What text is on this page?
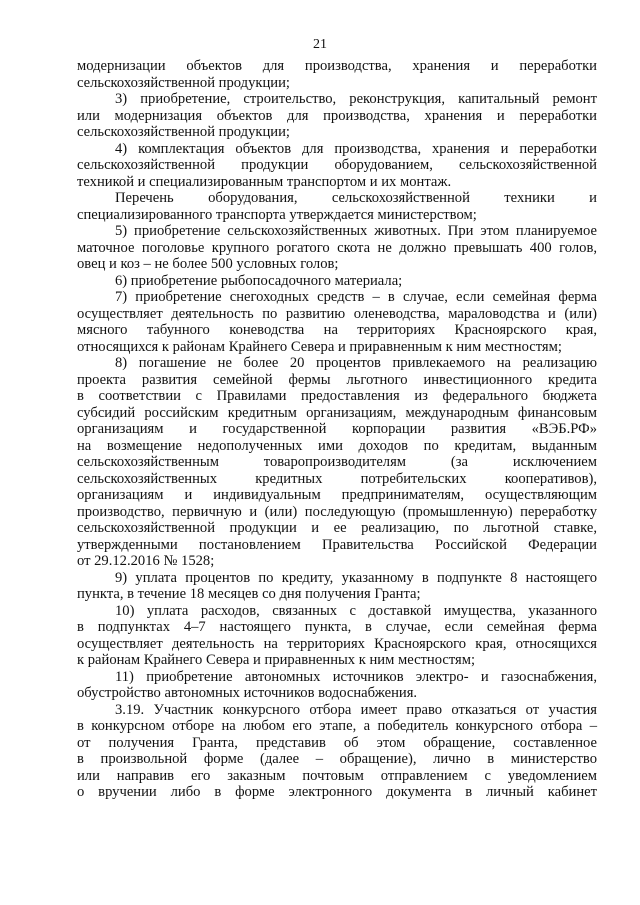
21
модернизации объектов для производства, хранения и переработки
сельскохозяйственной продукции;
3) приобретение, строительство, реконструкция, капитальный ремонт
или модернизация объектов для производства, хранения и переработки
сельскохозяйственной продукции;
4) комплектация объектов для производства, хранения и переработки
сельскохозяйственной продукции оборудованием, сельскохозяйственной
техникой и специализированным транспортом и их монтаж.
Перечень оборудования, сельскохозяйственной техники и
специализированного транспорта утверждается министерством;
5) приобретение сельскохозяйственных животных. При этом планируемое
маточное поголовье крупного рогатого скота не должно превышать 400 голов,
овец и коз – не более 500 условных голов;
6) приобретение рыбопосадочного материала;
7) приобретение снегоходных средств – в случае, если семейная ферма
осуществляет деятельность по развитию оленеводства, мараловодства и (или)
мясного табунного коневодства на территориях Красноярского края,
относящихся к районам Крайнего Севера и приравненным к ним местностям;
8) погашение не более 20 процентов привлекаемого на реализацию
проекта развития семейной фермы льготного инвестиционного кредита
в соответствии с Правилами предоставления из федерального бюджета
субсидий российским кредитным организациям, международным финансовым
организациям и государственной корпорации развития «ВЭБ.РФ»
на возмещение недополученных ими доходов по кредитам, выданным
сельскохозяйственным товаропроизводителям (за исключением
сельскохозяйственных кредитных потребительских кооперативов),
организациям и индивидуальным предпринимателям, осуществляющим
производство, первичную и (или) последующую (промышленную) переработку
сельскохозяйственной продукции и ее реализацию, по льготной ставке,
утвержденными постановлением Правительства Российской Федерации
от 29.12.2016 № 1528;
9) уплата процентов по кредиту, указанному в подпункте 8 настоящего
пункта, в течение 18 месяцев со дня получения Гранта;
10) уплата расходов, связанных с доставкой имущества, указанного
в подпунктах 4–7 настоящего пункта, в случае, если семейная ферма
осуществляет деятельность на территориях Красноярского края, относящихся
к районам Крайнего Севера и приравненных к ним местностям;
11) приобретение автономных источников электро- и газоснабжения,
обустройство автономных источников водоснабжения.
3.19. Участник конкурсного отбора имеет право отказаться от участия
в конкурсном отборе на любом его этапе, а победитель конкурсного отбора –
от получения Гранта, представив об этом обращение, составленное
в произвольной форме (далее – обращение), лично в министерство
или направив его заказным почтовым отправлением с уведомлением
о вручении либо в форме электронного документа в личный кабинет
